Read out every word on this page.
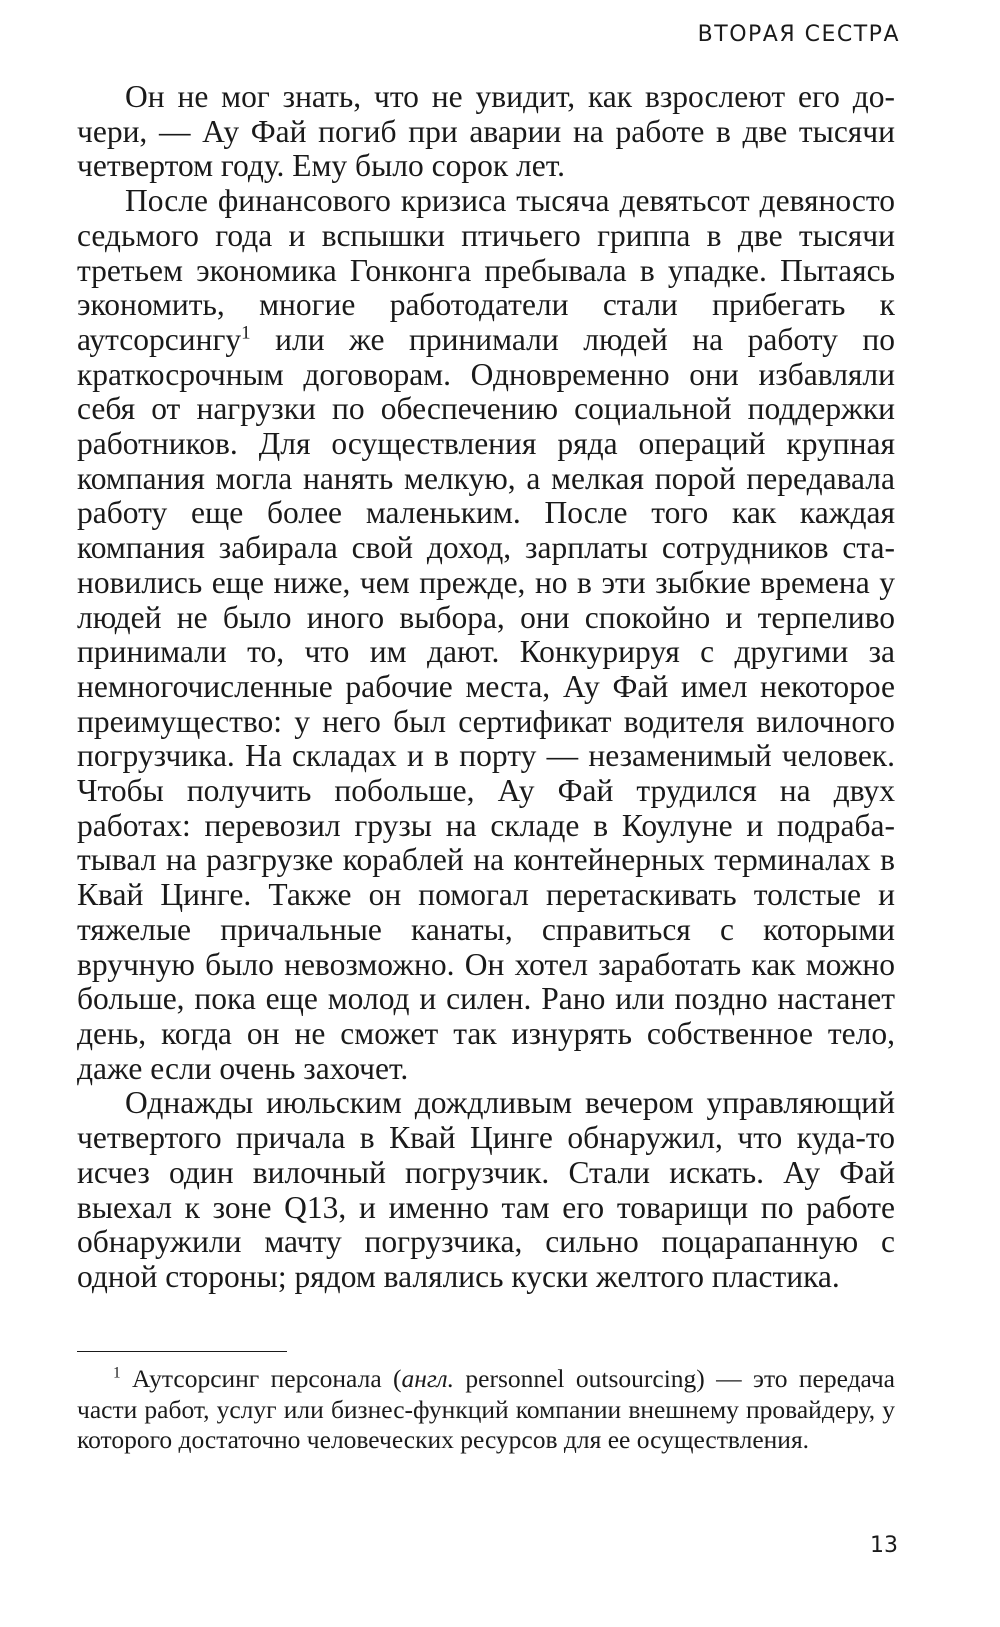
ВТОРАЯ СЕСТРА

Он не мог знать, что не увидит, как взрослеют его дочери, — Ау Фай погиб при аварии на работе в две тысячи четвертом году. Ему было сорок лет.

После финансового кризиса тысяча девятьсот девяносто седьмого года и вспышки птичьего гриппа в две тысячи третьем экономика Гонконга пребывала в упадке. Пытаясь экономить, многие работодатели стали прибегать к аутсорсингу$^1$ или же принимали людей на работу по краткосрочным договорам. Одновременно они избавляли себя от нагрузки по обеспечению социальной поддержки работников. Для осуществления ряда операций крупная компания могла нанять мелкую, а мелкая порой передавала работу еще более маленьким. После того как каждая компания забирала свой доход, зарплаты сотрудников становились еще ниже, чем прежде, но в эти зыбкие времена у людей не было иного выбора, они спокойно и терпеливо принимали то, что им дают. Конкурируя с другими за немногочисленные рабочие места, Ау Фай имел некоторое преимущество: у него был сертификат водителя вилочного погрузчика. На складах и в порту — незаменимый человек. Чтобы получить побольше, Ау Фай трудился на двух работах: перевозил грузы на складе в Коулуне и подрабатывал на разгрузке кораблей на контейнерных терминалах в Квай Цинге. Также он помогал перетаскивать толстые и тяжелые причальные канаты, справиться с которыми вручную было невозможно. Он хотел заработать как можно больше, пока еще молод и силен. Рано или поздно настанет день, когда он не сможет так изнурять собственное тело, даже если очень захочет.

Однажды июльским дождливым вечером управляющий четвертого причала в Квай Цинге обнаружил, что куда-то исчез один вилочный погрузчик. Стали искать. Ау Фай выехал к зоне Q13, и именно там его товарищи по работе обнаружили мачту погрузчика, сильно поцарапанную с одной стороны; рядом валялись куски желтого пластика.

$^1$ Аутсорсинг персонала (англ. personnel outsourcing) — это передача части работ, услуг или бизнес-функций компании внешнему провайдеру, у которого достаточно человеческих ресурсов для ее осуществления.

13
